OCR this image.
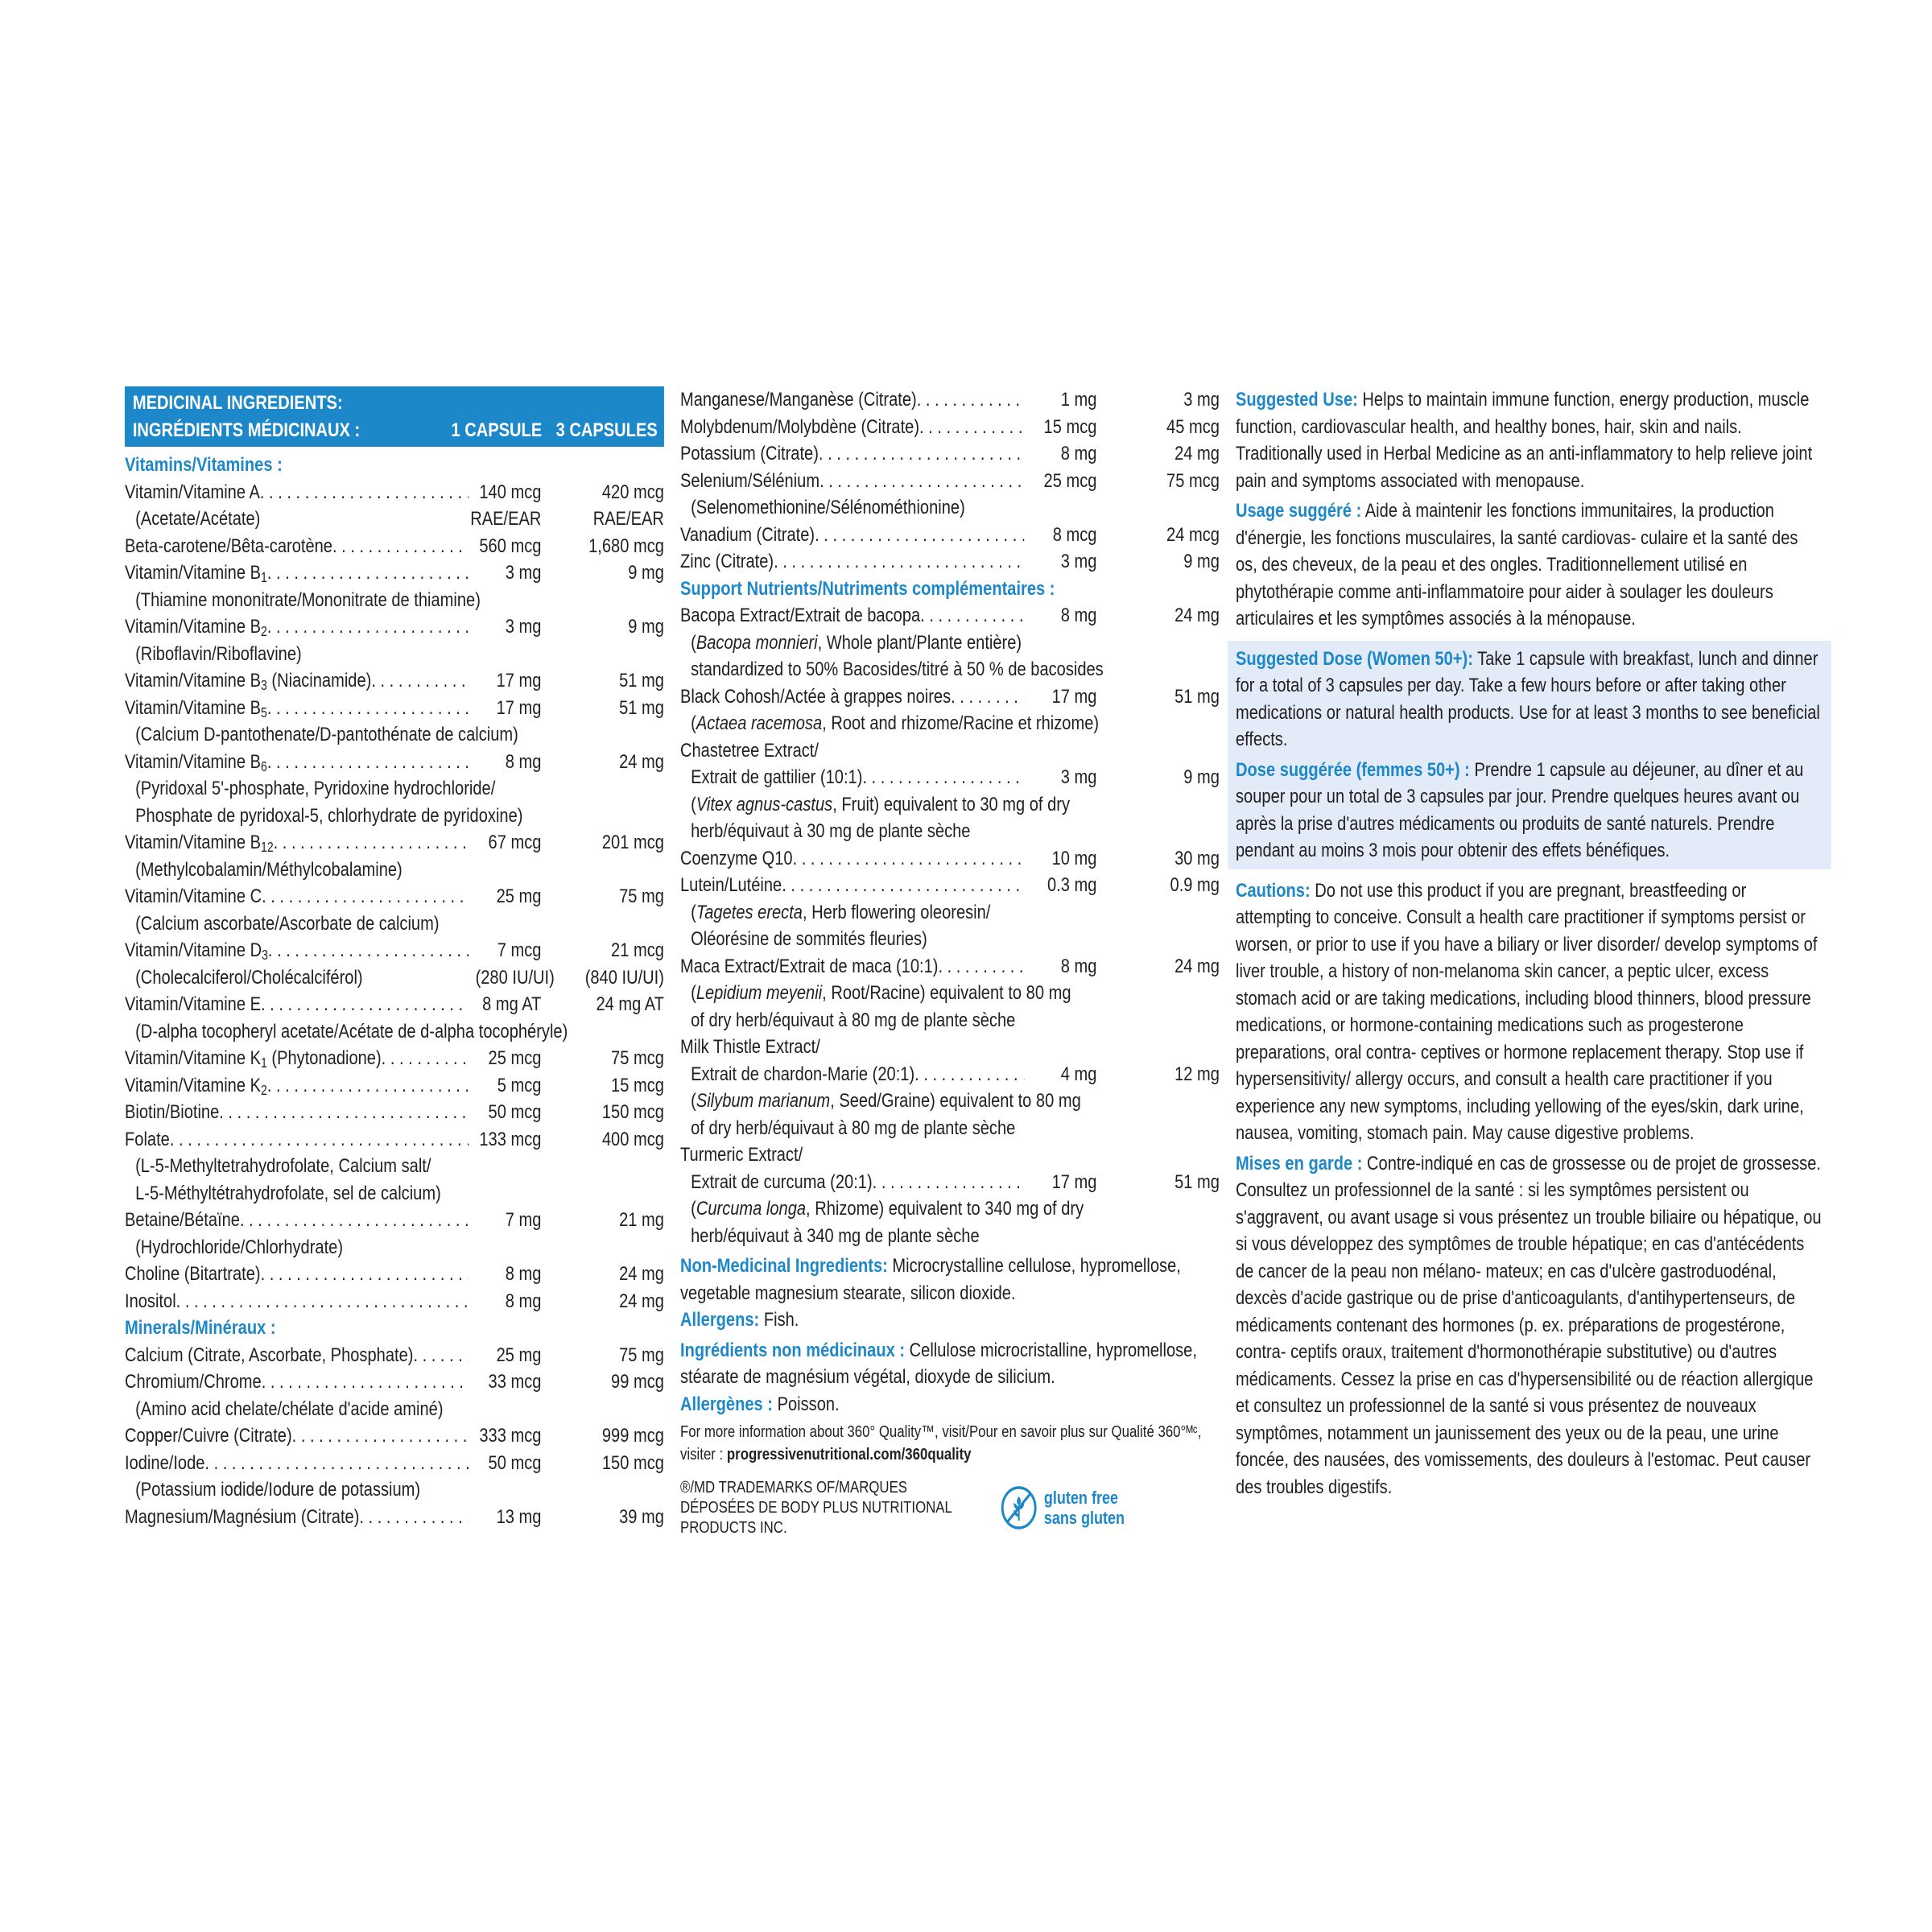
MEDICINAL INGREDIENTS:
INGRÉDIENTS MÉDICINAUX :	1 CAPSULE 3 CAPSULES
Vitamins/Vitamines :
Vitamin/Vitamine A . . .	140 mcg	420 mcg
(Acetate/Acétate)	RAE/EAR	RAE/EAR
Beta-carotene/Bêta-carotène . . .	560 mcg	1,680 mcg
Vitamin/Vitamine $B_1$ . . .	3 mg	9 mg
(Thiamine mononitrate/Mononitrate de thiamine)
Vitamin/Vitamine $B_2$ . . .	3 mg	9 mg
(Riboflavin/Riboflavine)
Vitamin/Vitamine $B_3$ (Niacinamide) . . .	17 mg	51 mg
Vitamin/Vitamine $B_5$ . . .	17 mg	51 mg
(Calcium D-pantothenate/D-pantothénate de calcium)
Vitamin/Vitamine $B_6$ . . .	8 mg	24 mg
(Pyridoxal 5'-phosphate, Pyridoxine hydrochloride/
Phosphate de pyridoxal-5, chlorhydrate de pyridoxine)
Vitamin/Vitamine $B_{12}$ . . .	67 mcg	201 mcg
(Methylcobalamin/Méthylcobalamine)
Vitamin/Vitamine C . . .	25 mg	75 mg
(Calcium ascorbate/Ascorbate de calcium)
Vitamin/Vitamine $D_3$ . . .	7 mcg	21 mcg
(Cholecalciferol/Cholécalciférol)	(280 IU/UI)	(840 IU/UI)
Vitamin/Vitamine E . . .	8 mg AT	24 mg AT
(D-alpha tocopheryl acetate/Acétate de d-alpha tocophéryle)
Vitamin/Vitamine $K_1$ (Phytonadione) . . .	25 mcg	75 mcg
Vitamin/Vitamine $K_2$ . . .	5 mcg	15 mcg
Biotin/Biotine . . .	50 mcg	150 mcg
Folate . . .	133 mcg	400 mcg
(L-5-Methyltetrahydrofolate, Calcium salt/
L-5-Méthyltétrahydrofolate, sel de calcium)
Betaine/Bétaïne . . .	7 mg	21 mg
(Hydrochloride/Chlorhydrate)
Choline (Bitartrate) . . .	8 mg	24 mg
Inositol . . .	8 mg	24 mg
Minerals/Minéraux :
Calcium (Citrate, Ascorbate, Phosphate) . . .	25 mg	75 mg
Chromium/Chrome . . .	33 mcg	99 mcg
(Amino acid chelate/chélate d'acide aminé)
Copper/Cuivre (Citrate) . . .	333 mcg	999 mcg
Iodine/Iode . . .	50 mcg	150 mcg
(Potassium iodide/Iodure de potassium)
Magnesium/Magnésium (Citrate) . . .	13 mg	39 mg
Manganese/Manganèse (Citrate) . . .	1 mg	3 mg
Molybdenum/Molybdène (Citrate) . . .	15 mcg	45 mcg
Potassium (Citrate) . . .	8 mg	24 mg
Selenium/Sélénium . . .	25 mcg	75 mcg
(Selenomethionine/Sélénométhionine)
Vanadium (Citrate) . . .	8 mcg	24 mcg
Zinc (Citrate) . . .	3 mg	9 mg
Support Nutrients/Nutriments complémentaires :
Bacopa Extract/Extrait de bacopa . . .	8 mg	24 mg
(Bacopa monnieri, Whole plant/Plante entière)
standardized to 50% Bacosides/titré à 50 % de bacosides
Black Cohosh/Actée à grappes noires . . .	17 mg	51 mg
(Actaea racemosa, Root and rhizome/Racine et rhizome)
Chastetree Extract/
Extrait de gattilier (10:1) . . .	3 mg	9 mg
(Vitex agnus-castus, Fruit) equivalent to 30 mg of dry
herb/équivaut à 30 mg de plante sèche
Coenzyme Q10 . . .	10 mg	30 mg
Lutein/Lutéine . . .	0.3 mg	0.9 mg
(Tagetes erecta, Herb flowering oleoresin/
Oléorésine de sommités fleuries)
Maca Extract/Extrait de maca (10:1) . . .	8 mg	24 mg
(Lepidium meyenii, Root/Racine) equivalent to 80 mg
of dry herb/équivaut à 80 mg de plante sèche
Milk Thistle Extract/
Extrait de chardon-Marie (20:1) . . .	4 mg	12 mg
(Silybum marianum, Seed/Graine) equivalent to 80 mg
of dry herb/équivaut à 80 mg de plante sèche
Turmeric Extract/
Extrait de curcuma (20:1) . . .	17 mg	51 mg
(Curcuma longa, Rhizome) equivalent to 340 mg of dry
herb/équivaut à 340 mg de plante sèche

Non-Medicinal Ingredients: Microcrystalline cellulose, hypromellose, vegetable magnesium stearate, silicon dioxide.
Allergens: Fish.

Ingrédients non médicinaux : Cellulose microcristalline, hypromellose, stéarate de magnésium végétal, dioxyde de silicium.
Allergènes : Poisson.

For more information about 360° Quality™, visit/Pour en savoir plus sur Qualité 360°ᴹᶜ, visiter : progressivenutritional.com/360quality

®/MD TRADEMARKS OF/MARQUES DÉPOSÉES DE BODY PLUS NUTRITIONAL PRODUCTS INC.
gluten free
sans gluten

Suggested Use: Helps to maintain immune function, energy production, muscle function, cardiovascular health, and healthy bones, hair, skin and nails. Traditionally used in Herbal Medicine as an anti-inflammatory to help relieve joint pain and symptoms associated with menopause.

Usage suggéré : Aide à maintenir les fonctions immunitaires, la production d'énergie, les fonctions musculaires, la santé cardiovas- culaire et la santé des os, des cheveux, de la peau et des ongles. Traditionnellement utilisé en phytothérapie comme anti-inflammatoire pour aider à soulager les douleurs articulaires et les symptômes associés à la ménopause.

Suggested Dose (Women 50+): Take 1 capsule with breakfast, lunch and dinner for a total of 3 capsules per day. Take a few hours before or after taking other medications or natural health products. Use for at least 3 months to see beneficial effects.

Dose suggérée (femmes 50+) : Prendre 1 capsule au déjeuner, au dîner et au souper pour un total de 3 capsules par jour. Prendre quelques heures avant ou après la prise d'autres médicaments ou produits de santé naturels. Prendre pendant au moins 3 mois pour obtenir des effets bénéfiques.

Cautions: Do not use this product if you are pregnant, breastfeeding or attempting to conceive. Consult a health care practitioner if symptoms persist or worsen, or prior to use if you have a biliary or liver disorder/ develop symptoms of liver trouble, a history of non-melanoma skin cancer, a peptic ulcer, excess stomach acid or are taking medications, including blood thinners, blood pressure medications, or hormone-containing medications such as progesterone preparations, oral contra- ceptives or hormone replacement therapy. Stop use if hypersensitivity/ allergy occurs, and consult a health care practitioner if you experience any new symptoms, including yellowing of the eyes/skin, dark urine, nausea, vomiting, stomach pain. May cause digestive problems.

Mises en garde : Contre-indiqué en cas de grossesse ou de projet de grossesse. Consultez un professionnel de la santé : si les symptômes persistent ou s'aggravent, ou avant usage si vous présentez un trouble biliaire ou hépatique, ou si vous développez des symptômes de trouble hépatique; en cas d'antécédents de cancer de la peau non mélano- mateux; en cas d'ulcère gastroduodénal, dexcès d'acide gastrique ou de prise d'anticoagulants, d'antihypertenseurs, de médicaments contenant des hormones (p. ex. préparations de progestérone, contra- ceptifs oraux, traitement d'hormonothérapie substitutive) ou d'autres médicaments. Cessez la prise en cas d'hypersensibilité ou de réaction allergique et consultez un professionnel de la santé si vous présentez de nouveaux symptômes, notamment un jaunissement des yeux ou de la peau, une urine foncée, des nausées, des vomissements, des douleurs à l'estomac. Peut causer des troubles digestifs.
